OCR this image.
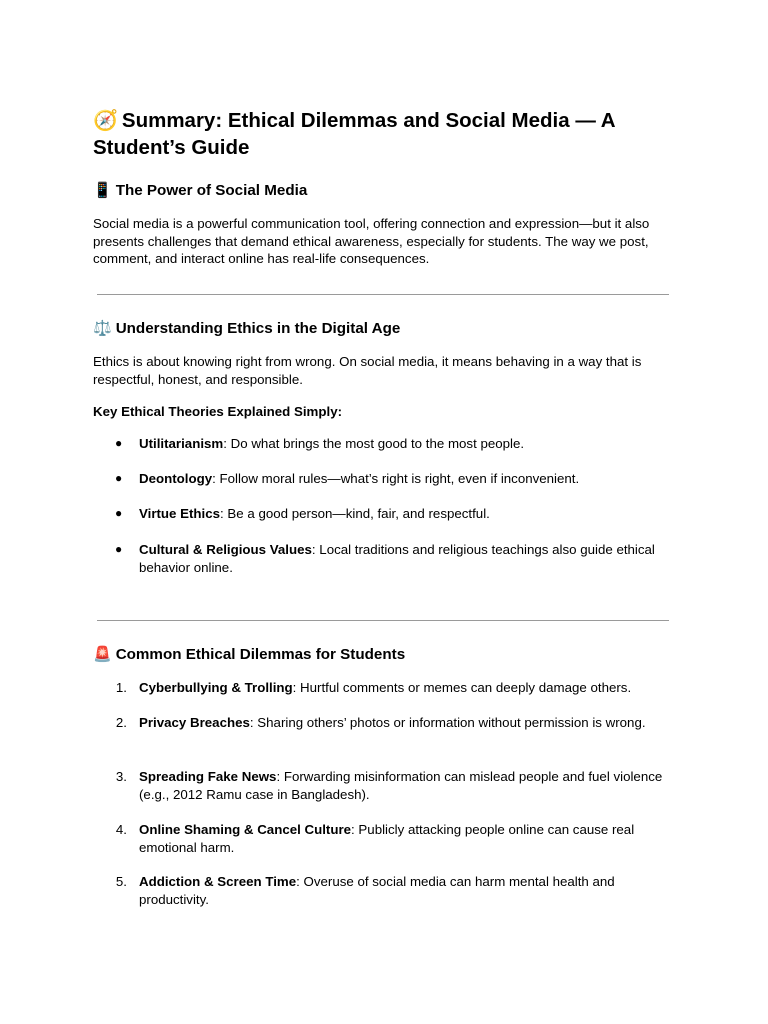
🧭 Summary: Ethical Dilemmas and Social Media — A Student’s Guide
📱 The Power of Social Media

Social media is a powerful communication tool, offering connection and expression—but it also presents challenges that demand ethical awareness, especially for students. The way we post, comment, and interact online has real-life consequences.

⚖️ Understanding Ethics in the Digital Age

Ethics is about knowing right from wrong. On social media, it means behaving in a way that is respectful, honest, and responsible.

Key Ethical Theories Explained Simply:

● Utilitarianism: Do what brings the most good to the most people.
● Deontology: Follow moral rules—what’s right is right, even if inconvenient.
● Virtue Ethics: Be a good person—kind, fair, and respectful.
● Cultural & Religious Values: Local traditions and religious teachings also guide ethical behavior online.
🚨 Common Ethical Dilemmas for Students
1. Cyberbullying & Trolling: Hurtful comments or memes can deeply damage others.
2. Privacy Breaches: Sharing others’ photos or information without permission is wrong.
3. Spreading Fake News: Forwarding misinformation can mislead people and fuel violence (e.g., 2012 Ramu case in Bangladesh).
4. Online Shaming & Cancel Culture: Publicly attacking people online can cause real emotional harm.
5. Addiction & Screen Time: Overuse of social media can harm mental health and productivity.
